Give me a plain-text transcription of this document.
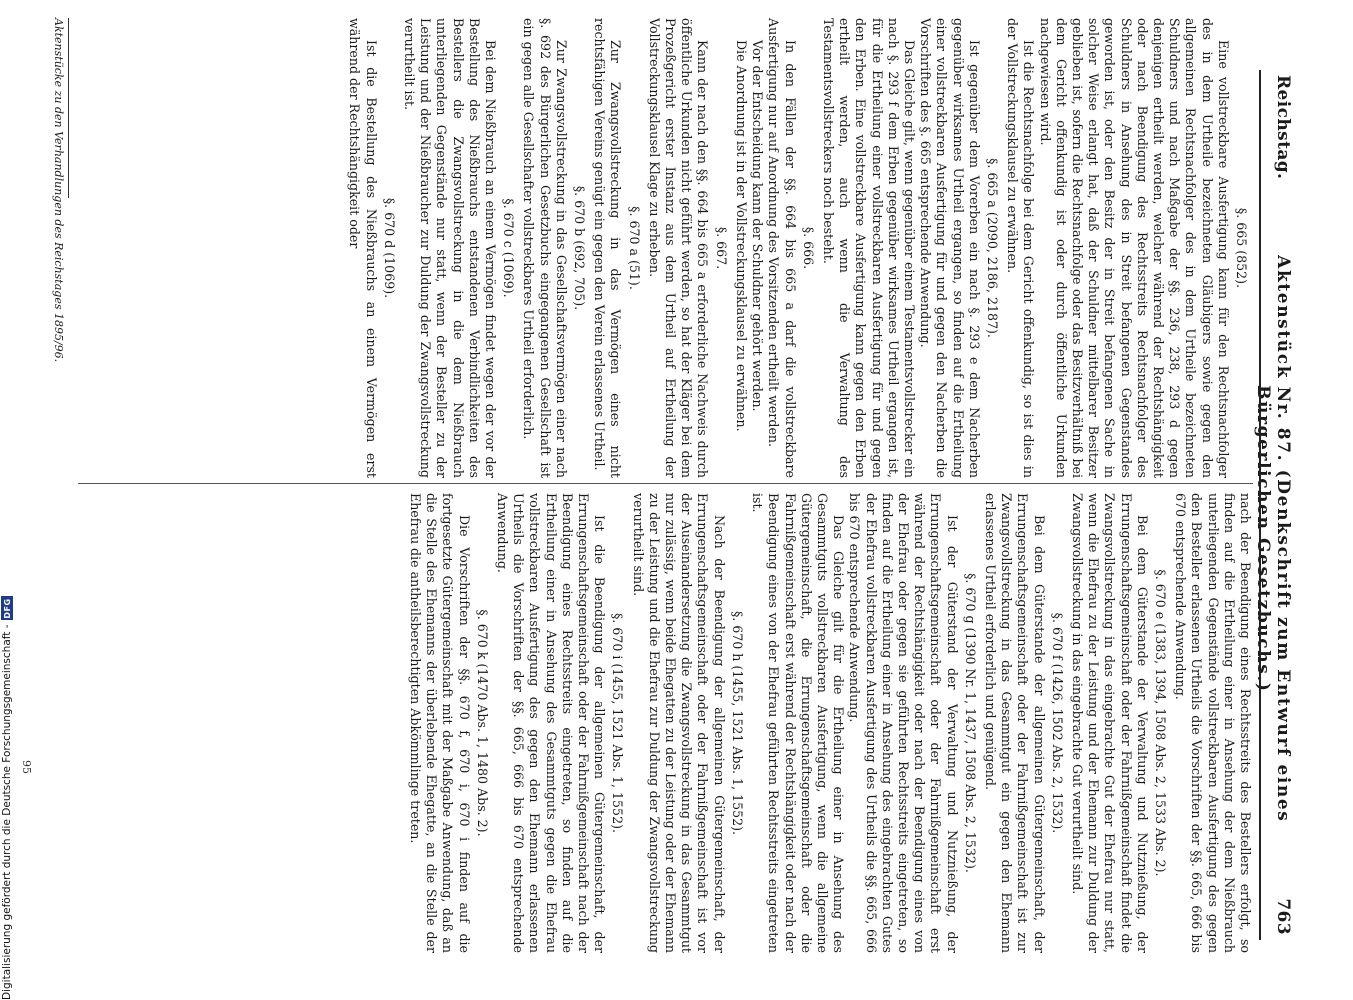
Reichstag.
Aktenstück Nr. 87. (Denkschrift zum Entwurf eines Bürgerlichen Gesetzbuchs.)
763

§. 665 (852).

Eine vollstreckbare Ausfertigung kann für den Rechtsnachfolger des in dem Urtheile bezeichneten Gläubigers sowie gegen den allgemeinen Rechtsnachfolger des in dem Urtheile bezeichneten Schuldners und nach Maßgabe der §§. 236, 238, 293 d gegen denjenigen ertheilt werden, welcher während der Rechtshängigkeit oder nach Beendigung des Rechtsstreits Rechtsnachfolger des Schuldners in Ansehung des in Streit befangenen Gegenstandes geworden ist, oder den Besitz der in Streit befangenen Sache in solcher Weise erlangt hat, daß der Schuldner mittelbarer Besitzer geblieben ist, sofern die Rechtsnachfolge oder das Besitzverhältniß bei dem Gericht offenkundig ist oder durch öffentliche Urkunden nachgewiesen wird.

Ist die Rechtsnachfolge bei dem Gericht offenkundig, so ist dies in der Vollstreckungsklausel zu erwähnen.

§. 665 a (2090, 2186, 2187).

Ist gegenüber dem Vorerben ein nach §. 293 e dem Nacherben gegenüber wirksames Urtheil ergangen, so finden auf die Ertheilung einer vollstreckbaren Ausfertigung für und gegen den Nacherben die Vorschriften des §. 665 entsprechende Anwendung.

Das Gleiche gilt, wenn gegenüber einem Testamentsvollstrecker ein nach §. 293 f dem Erben gegenüber wirksames Urtheil ergangen ist, für die Ertheilung einer vollstreckbaren Ausfertigung für und gegen den Erben. Eine vollstreckbare Ausfertigung kann gegen den Erben ertheilt werden, auch wenn die Verwaltung des Testamentsvollstreckers noch besteht.

§. 666.

In den Fällen der §§. 664 bis 665 a darf die vollstreckbare Ausfertigung nur auf Anordnung des Vorsitzenden ertheilt werden.

Vor der Entscheidung kann der Schuldner gehört werden.

Die Anordnung ist in der Vollstreckungsklausel zu erwähnen.

§. 667.

Kann der nach den §§. 664 bis 665 a erforderliche Nachweis durch öffentliche Urkunden nicht geführt werden, so hat der Kläger bei dem Prozeßgericht erster Instanz aus dem Urtheil auf Ertheilung der Vollstreckungsklausel Klage zu erheben.

§. 670 a (51).

Zur Zwangsvollstreckung in das Vermögen eines nicht rechtsfähigen Vereins genügt ein gegen den Verein erlassenes Urtheil.

§. 670 b (692, 705).

Zur Zwangsvollstreckung in das Gesellschaftsvermögen einer nach §. 692 des Bürgerlichen Gesetzbuchs eingegangenen Gesellschaft ist ein gegen alle Gesellschafter vollstreckbares Urtheil erforderlich.

§. 670 c (1069).

Bei dem Nießbrauch an einem Vermögen findet wegen der vor der Bestellung des Nießbrauchs entstandenen Verbindlichkeiten des Bestellers die Zwangsvollstreckung in die dem Nießbrauch unterliegenden Gegenstände nur statt, wenn der Besteller zu der Leistung und der Nießbraucher zur Duldung der Zwangsvollstreckung verurtheilt ist.

§. 670 d (1069).

Ist die Bestellung des Nießbrauchs an einem Vermögen erst während der Rechtshängigkeit oder

nach der Beendigung eines Rechtsstreits des Bestellers erfolgt, so finden auf die Ertheilung einer in Ansehung der dem Nießbrauch unterliegenden Gegenstände vollstreckbaren Ausfertigung des gegen den Besteller erlassenen Urtheils die Vorschriften der §§. 665, 666 bis 670 entsprechende Anwendung.

§. 670 e (1383, 1394, 1508 Abs. 2, 1533 Abs. 2).

Bei dem Güterstande der Verwaltung und Nutznießung, der Errungenschaftsgemeinschaft oder der Fahrnißgemeinschaft findet die Zwangsvollstreckung in das eingebrachte Gut der Ehefrau nur statt, wenn die Ehefrau zu der Leistung und der Ehemann zur Duldung der Zwangsvollstreckung in das eingebrachte Gut verurtheilt sind.

§. 670 f (1426, 1502 Abs. 2, 1532).

Bei dem Güterstande der allgemeinen Gütergemeinschaft, der Errungenschaftsgemeinschaft oder der Fahrnißgemeinschaft ist zur Zwangsvollstreckung in das Gesammtgut ein gegen den Ehemann erlassenes Urtheil erforderlich und genügend.

§. 670 g (1390 Nr. 1, 1437, 1508 Abs. 2, 1532).

Ist der Güterstand der Verwaltung und Nutznießung, der Errungenschaftsgemeinschaft oder der Fahrnißgemeinschaft erst während der Rechtshängigkeit oder nach der Beendigung eines von der Ehefrau oder gegen sie geführten Rechtsstreits eingetreten, so finden auf die Ertheilung einer in Ansehung des eingebrachten Gutes der Ehefrau vollstreckbaren Ausfertigung des Urtheils die §§. 665, 666 bis 670 entsprechende Anwendung.

Das Gleiche gilt für die Ertheilung einer in Ansehung des Gesammtguts vollstreckbaren Ausfertigung, wenn die allgemeine Gütergemeinschaft, die Errungenschaftsgemeinschaft oder die Fahrnißgemeinschaft erst während der Rechtshängigkeit oder nach der Beendigung eines von der Ehefrau geführten Rechtsstreits eingetreten ist.

§. 670 h (1455, 1521 Abs. 1, 1552).

Nach der Beendigung der allgemeinen Gütergemeinschaft, der Errungenschaftsgemeinschaft oder der Fahrnißgemeinschaft ist vor der Auseinandersetzung die Zwangsvollstreckung in das Gesammtgut nur zulässig, wenn beide Ehegatten zu der Leistung oder der Ehemann zu der Leistung und die Ehefrau zur Duldung der Zwangsvollstreckung verurtheilt sind.

§. 670 i (1455, 1521 Abs. 1, 1552).

Ist die Beendigung der allgemeinen Gütergemeinschaft, der Errungenschaftsgemeinschaft oder der Fahrnißgemeinschaft nach der Beendigung eines Rechtsstreits eingetreten, so finden auf die Ertheilung einer in Ansehung des Gesammtguts gegen die Ehefrau vollstreckbaren Ausfertigung des gegen den Ehemann erlassenen Urtheils die Vorschriften der §§. 665, 666 bis 670 entsprechende Anwendung.

§. 670 k (1470 Abs. 1, 1480 Abs. 2).

Die Vorschriften der §§. 670 f, 670 i, 670 i finden auf die fortgesetzte Gütergemeinschaft mit der Maßgabe Anwendung, daß an die Stelle des Ehemanns der überlebende Ehegatte, an die Stelle der Ehefrau die antheilsberechtigten Abkömmlinge treten.

Aktenstücke zu den Verhandlungen des Reichstages 1895/96.
95
Digitalisierung gefördert durch die Deutsche Forschungsgemeinschaft -
DFG
